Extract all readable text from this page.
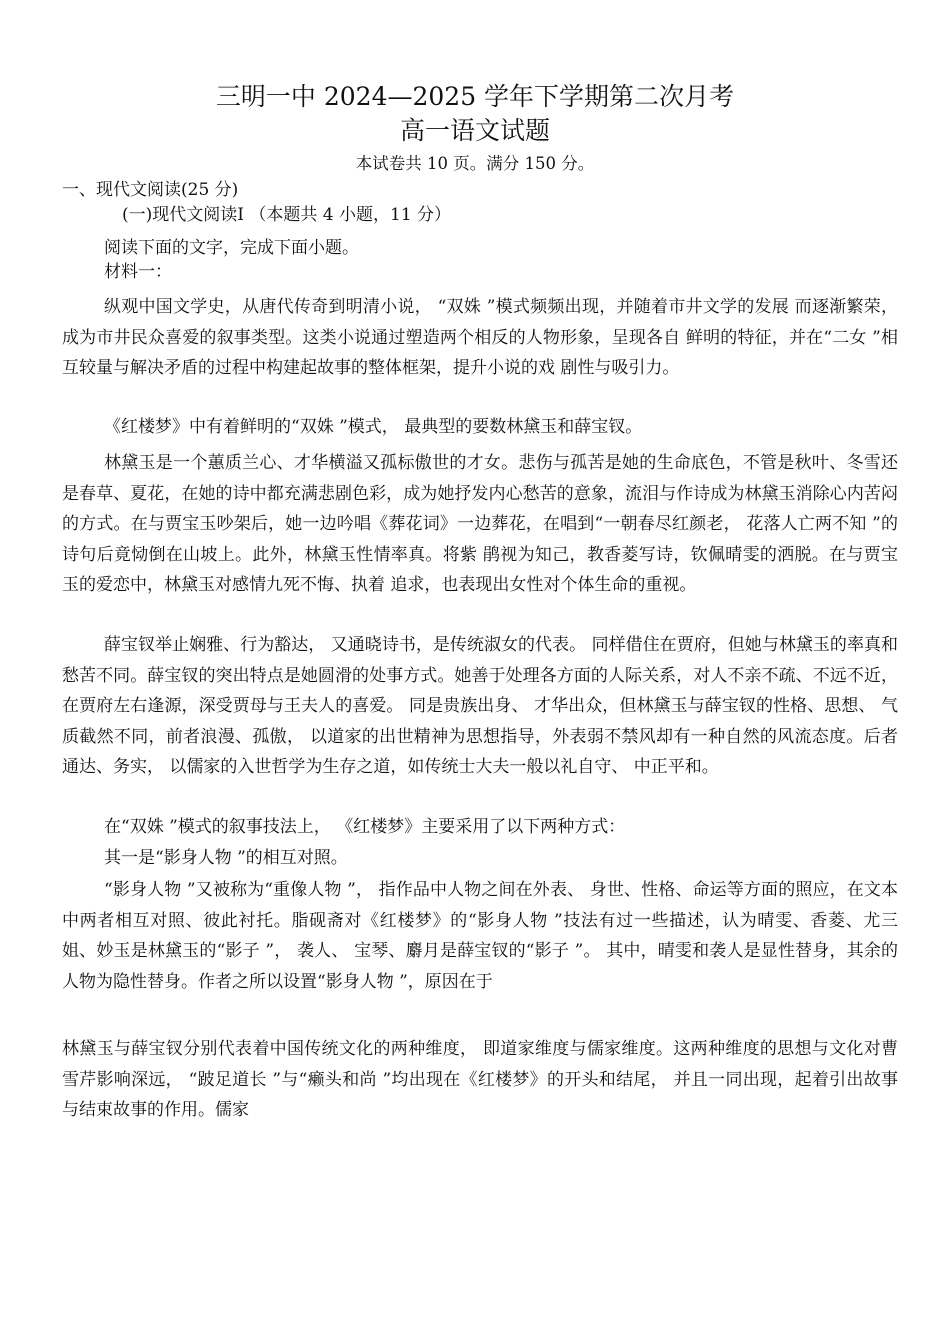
三明一中 2024—2025 学年下学期第二次月考
高一语文试题
本试卷共 10 页。满分 150 分。
一、现代文阅读(25 分)
(一)现代文阅读Ⅰ （本题共 4 小题，11 分）
阅读下面的文字，完成下面小题。
材料一：

纵观中国文学史，从唐代传奇到明清小说， “双姝 ”模式频频出现，并随着市井文学的发展 而逐渐繁荣，成为市井民众喜爱的叙事类型。这类小说通过塑造两个相反的人物形象，呈现各自 鲜明的特征，并在“二女 ”相互较量与解决矛盾的过程中构建起故事的整体框架，提升小说的戏 剧性与吸引力。

《红楼梦》中有着鲜明的“双姝 ”模式， 最典型的要数林黛玉和薛宝钗。

林黛玉是一个蕙质兰心、才华横溢又孤标傲世的才女。悲伤与孤苦是她的生命底色，不管是秋叶、冬雪还是春草、夏花，在她的诗中都充满悲剧色彩，成为她抒发内心愁苦的意象，流泪与作诗成为林黛玉消除心内苦闷的方式。在与贾宝玉吵架后，她一边吟唱《葬花词》一边葬花，在唱到“一朝春尽红颜老， 花落人亡两不知 ”的诗句后竟恸倒在山坡上。此外，林黛玉性情率真。将紫 鹃视为知己，教香菱写诗，钦佩晴雯的洒脱。在与贾宝玉的爱恋中，林黛玉对感情九死不悔、执着 追求，也表现出女性对个体生命的重视。

薛宝钗举止娴雅、行为豁达， 又通晓诗书，是传统淑女的代表。 同样借住在贾府，但她与林黛玉的率真和愁苦不同。薛宝钗的突出特点是她圆滑的处事方式。她善于处理各方面的人际关系，对人不亲不疏、不远不近，在贾府左右逢源，深受贾母与王夫人的喜爱。 同是贵族出身、 才华出众，但林黛玉与薛宝钗的性格、思想、 气质截然不同，前者浪漫、孤傲， 以道家的出世精神为思想指导，外表弱不禁风却有一种自然的风流态度。后者通达、务实， 以儒家的入世哲学为生存之道，如传统士大夫一般以礼自守、 中正平和。

在“双姝 ”模式的叙事技法上， 《红楼梦》主要采用了以下两种方式：

其一是“影身人物 ”的相互对照。

“影身人物 ”又被称为“重像人物 ”， 指作品中人物之间在外表、 身世、性格、命运等方面的照应，在文本中两者相互对照、彼此衬托。脂砚斋对《红楼梦》的“影身人物 ”技法有过一些描述，认为晴雯、香菱、尤三姐、妙玉是林黛玉的“影子 ”， 袭人、 宝琴、麝月是薛宝钗的“影子 ”。 其中，晴雯和袭人是显性替身，其余的人物为隐性替身。作者之所以设置“影身人物 ”，原因在于

林黛玉与薛宝钗分别代表着中国传统文化的两种维度， 即道家维度与儒家维度。这两种维度的思想与文化对曹雪芹影响深远， “跛足道长 ”与“癞头和尚 ”均出现在《红楼梦》的开头和结尾， 并且一同出现，起着引出故事与结束故事的作用。儒家
